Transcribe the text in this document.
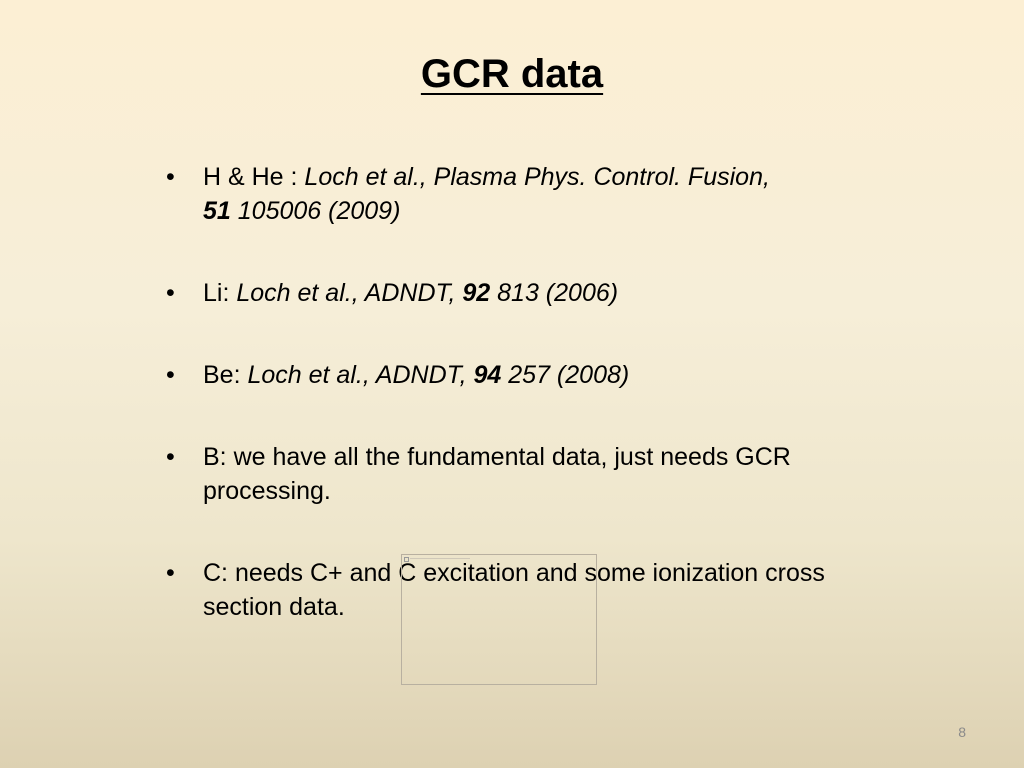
GCR data
• H & He : Loch et al., Plasma Phys. Control. Fusion,
51 105006 (2009)
• Li: Loch et al., ADNDT, 92 813 (2006)
• Be: Loch et al., ADNDT, 94 257 (2008)
• B: we have all the fundamental data, just needs GCR processing.
• C: needs C+ and C excitation and some ionization cross section data.
8
